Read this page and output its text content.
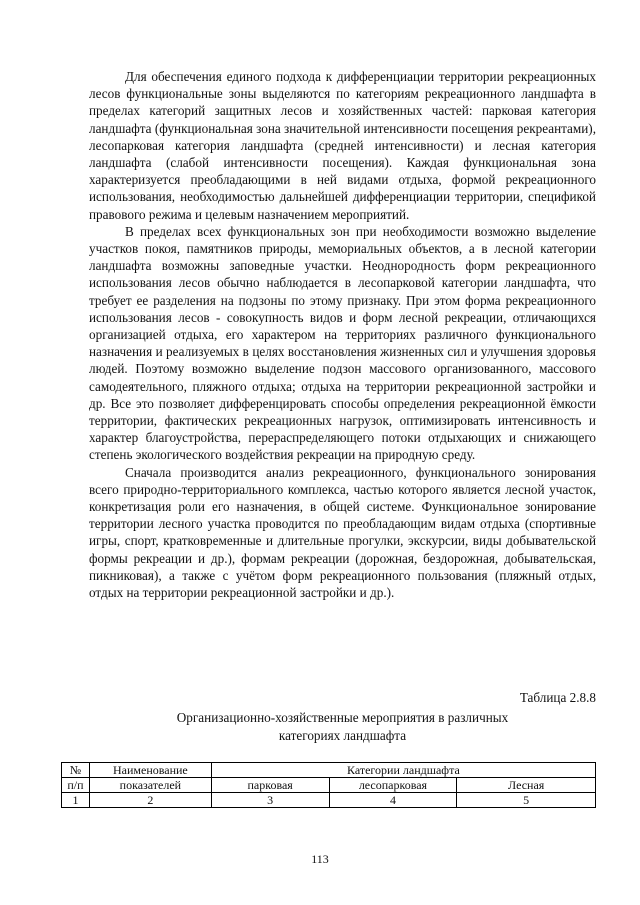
Для обеспечения единого подхода к дифференциации территории рекреационных лесов функциональные зоны выделяются по категориям рекреационного ландшафта в пределах категорий защитных лесов и хозяйственных частей: парковая категория ландшафта (функциональная зона значительной интенсивности посещения рекреантами), лесопарковая категория ландшафта (средней интенсивности) и лесная категория ландшафта (слабой интенсивности посещения). Каждая функциональная зона характеризуется преобладающими в ней видами отдыха, формой рекреационного использования, необходимостью дальнейшей дифференциации территории, спецификой правового режима и целевым назначением мероприятий.

В пределах всех функциональных зон при необходимости возможно выделение участков покоя, памятников природы, мемориальных объектов, а в лесной категории ландшафта возможны заповедные участки. Неоднородность форм рекреационного использования лесов обычно наблюдается в лесопарковой категории ландшафта, что требует ее разделения на подзоны по этому признаку. При этом форма рекреационного использования лесов - совокупность видов и форм лесной рекреации, отличающихся организацией отдыха, его характером на территориях различного функционального назначения и реализуемых в целях восстановления жизненных сил и улучшения здоровья людей. Поэтому возможно выделение подзон массового организованного, массового самодеятельного, пляжного отдыха; отдыха на территории рекреационной застройки и др. Все это позволяет дифференцировать способы определения рекреационной ёмкости территории, фактических рекреационных нагрузок, оптимизировать интенсивность и характер благоустройства, перераспределяющего потоки отдыхающих и снижающего степень экологического воздействия рекреации на природную среду.

Сначала производится анализ рекреационного, функционального зонирования всего природно-территориального комплекса, частью которого является лесной участок, конкретизация роли его назначения, в общей системе. Функциональное зонирование территории лесного участка проводится по преобладающим видам отдыха (спортивные игры, спорт, кратковременные и длительные прогулки, экскурсии, виды добывательской формы рекреации и др.), формам рекреации (дорожная, бездорожная, добывательская, пикниковая), а также с учётом форм рекреационного пользования (пляжный отдых, отдых на территории рекреационной застройки и др.).

Таблица 2.8.8
Организационно-хозяйственные мероприятия в различных
категориях ландшафта
№	Наименование	Категории ландшафта		
п/п	показателей	парковая	лесопарковая	Лесная
1	2	3	4	5
113
